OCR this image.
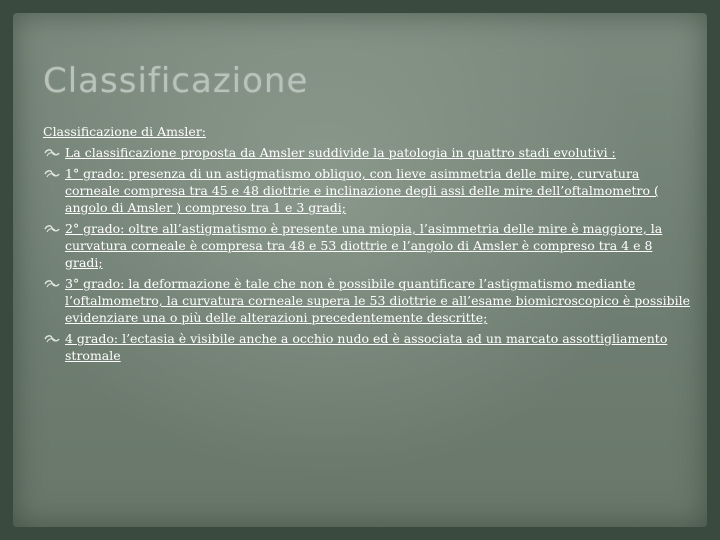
Classificazione

Classificazione di Amsler:

La classificazione proposta da Amsler suddivide la patologia in quattro stadi evolutivi :
1° grado: presenza di un astigmatismo obliquo, con lieve asimmetria delle mire, curvatura corneale compresa tra 45 e 48 diottrie e inclinazione degli assi delle mire dell’oftalmometro ( angolo di Amsler ) compreso tra 1 e 3 gradi;
2° grado: oltre all’astigmatismo è presente una miopia, l’asimmetria delle mire è maggiore, la curvatura corneale è compresa tra 48 e 53 diottrie e l’angolo di Amsler è compreso tra 4 e 8 gradi;
3° grado: la deformazione è tale che non è possibile quantificare l’astigmatismo mediante l’oftalmometro, la curvatura corneale supera le 53 diottrie e all’esame biomicroscopico è possibile evidenziare una o più delle alterazioni precedentemente descritte;
4 grado: l’ectasia è visibile anche a occhio nudo ed è associata ad un marcato assottigliamento stromale
